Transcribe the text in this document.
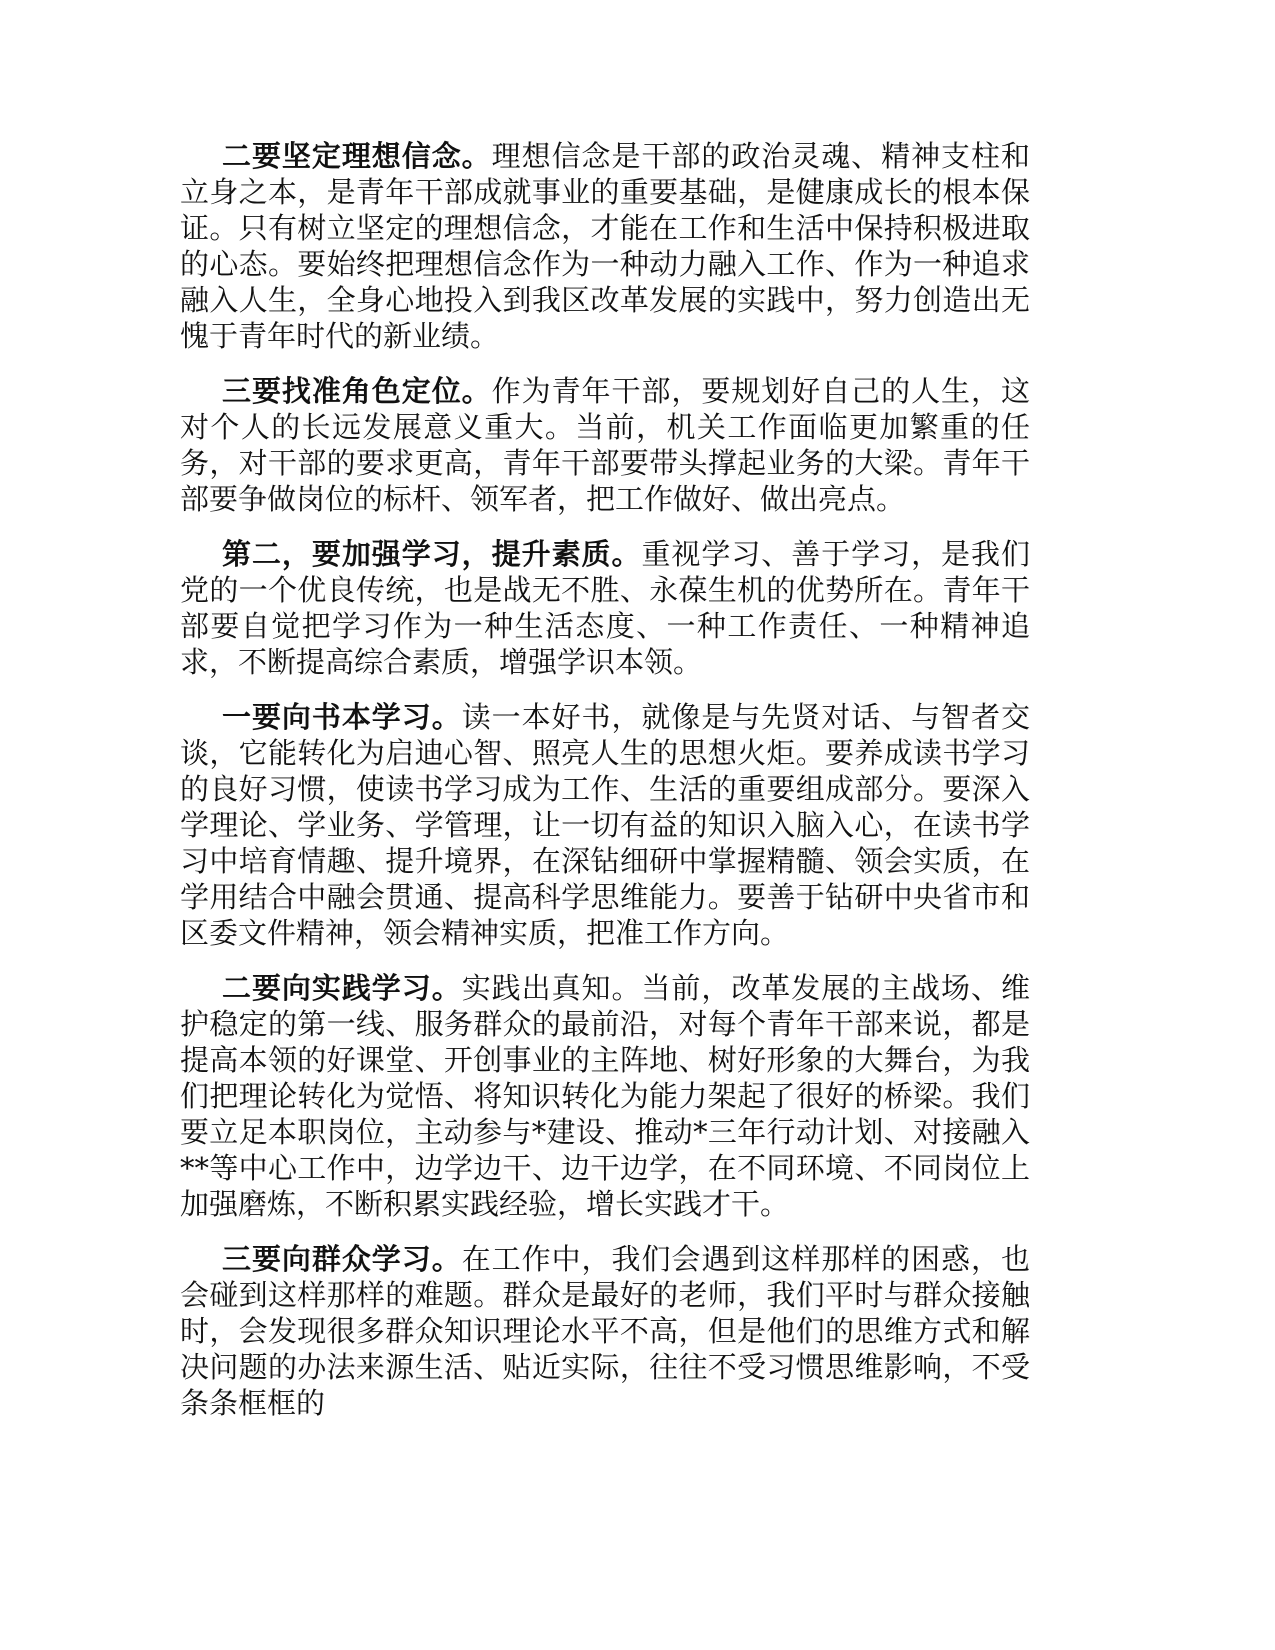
二要坚定理想信念。理想信念是干部的政治灵魂、精神支柱和立身之本，是青年干部成就事业的重要基础，是健康成长的根本保证。只有树立坚定的理想信念，才能在工作和生活中保持积极进取的心态。要始终把理想信念作为一种动力融入工作、作为一种追求融入人生，全身心地投入到我区改革发展的实践中，努力创造出无愧于青年时代的新业绩。

三要找准角色定位。作为青年干部，要规划好自己的人生，这对个人的长远发展意义重大。当前，机关工作面临更加繁重的任务，对干部的要求更高，青年干部要带头撑起业务的大梁。青年干部要争做岗位的标杆、领军者，把工作做好、做出亮点。

第二，要加强学习，提升素质。重视学习、善于学习，是我们党的一个优良传统，也是战无不胜、永葆生机的优势所在。青年干部要自觉把学习作为一种生活态度、一种工作责任、一种精神追求，不断提高综合素质，增强学识本领。

一要向书本学习。读一本好书，就像是与先贤对话、与智者交谈，它能转化为启迪心智、照亮人生的思想火炬。要养成读书学习的良好习惯，使读书学习成为工作、生活的重要组成部分。要深入学理论、学业务、学管理，让一切有益的知识入脑入心，在读书学习中培育情趣、提升境界，在深钻细研中掌握精髓、领会实质，在学用结合中融会贯通、提高科学思维能力。要善于钻研中央省市和区委文件精神，领会精神实质，把准工作方向。

二要向实践学习。实践出真知。当前，改革发展的主战场、维护稳定的第一线、服务群众的最前沿，对每个青年干部来说，都是提高本领的好课堂、开创事业的主阵地、树好形象的大舞台，为我们把理论转化为觉悟、将知识转化为能力架起了很好的桥梁。我们要立足本职岗位，主动参与*建设、推动*三年行动计划、对接融入**等中心工作中，边学边干、边干边学，在不同环境、不同岗位上加强磨炼，不断积累实践经验，增长实践才干。

三要向群众学习。在工作中，我们会遇到这样那样的困惑，也会碰到这样那样的难题。群众是最好的老师，我们平时与群众接触时，会发现很多群众知识理论水平不高，但是他们的思维方式和解决问题的办法来源生活、贴近实际，往往不受习惯思维影响，不受条条框框的
